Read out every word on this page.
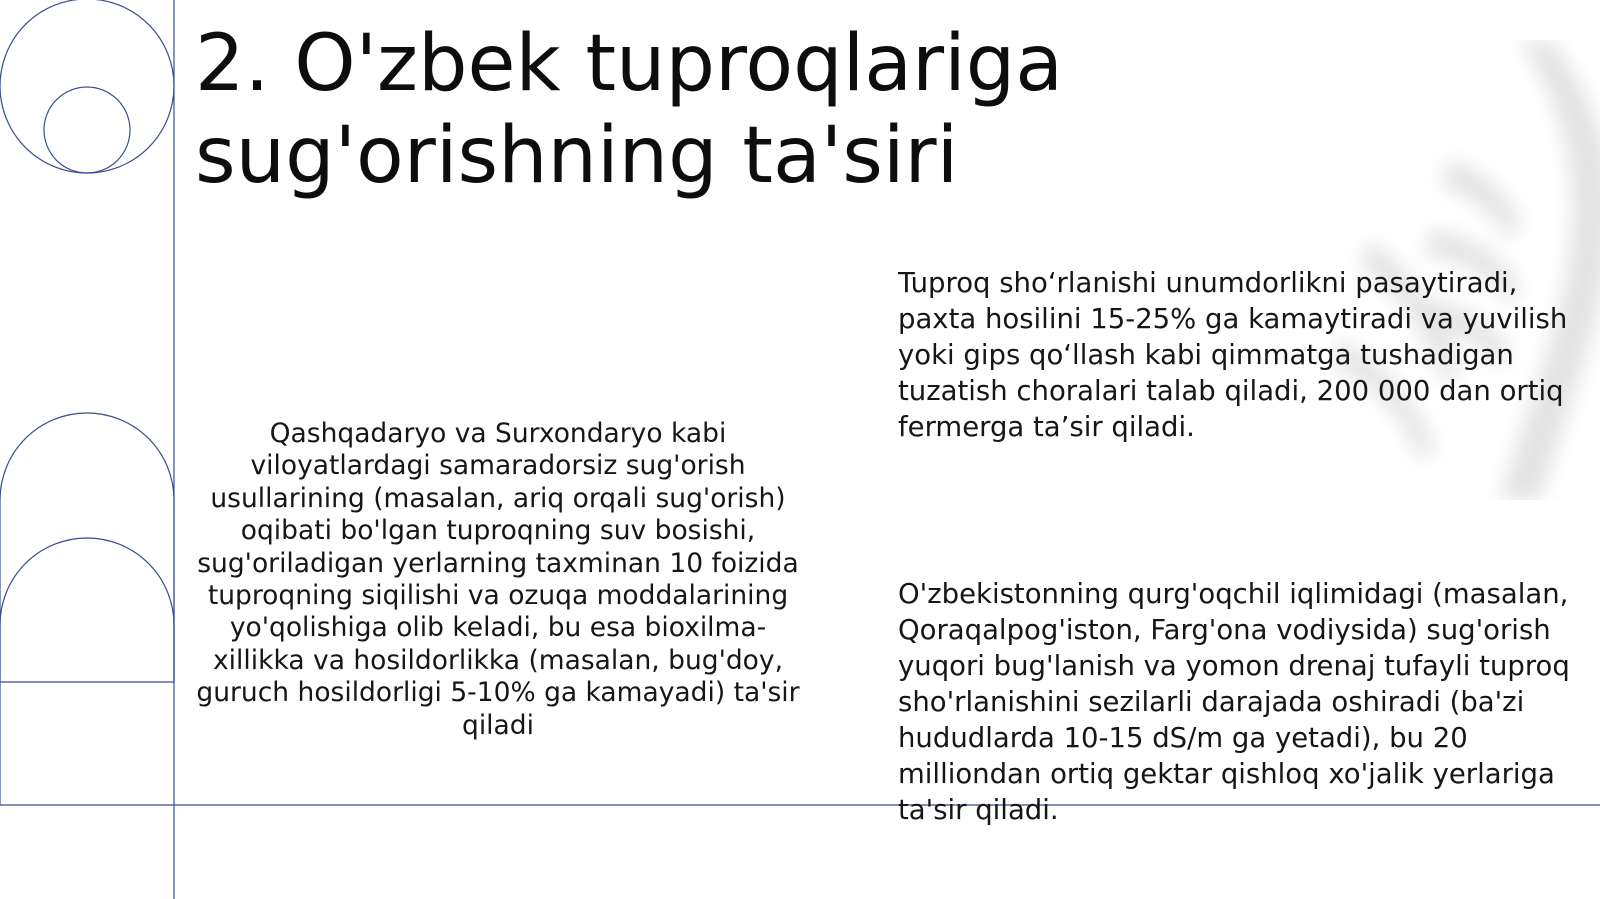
2. O'zbek tuproqlariga
sug'orishning ta'siri

Qashqadaryo va Surxondaryo kabi viloyatlardagi samaradorsiz sug'orish usullarining (masalan, ariq orqali sug'orish) oqibati bo'lgan tuproqning suv bosishi, sug'oriladigan yerlarning taxminan 10 foizida tuproqning siqilishi va ozuqa moddalarining yo'qolishiga olib keladi, bu esa bioxilma-xillikka va hosildorlikka (masalan, bug'doy, guruch hosildorligi 5-10% ga kamayadi) ta'sir qiladi

Tuproq sho‘rlanishi unumdorlikni pasaytiradi, paxta hosilini 15-25% ga kamaytiradi va yuvilish yoki gips qo‘llash kabi qimmatga tushadigan tuzatish choralari talab qiladi, 200 000 dan ortiq fermerga ta’sir qiladi.

O'zbekistonning qurg'oqchil iqlimidagi (masalan, Qoraqalpog'iston, Farg'ona vodiysida) sug'orish yuqori bug'lanish va yomon drenaj tufayli tuproq sho'rlanishini sezilarli darajada oshiradi (ba'zi hududlarda 10-15 dS/m ga yetadi), bu 20 milliondan ortiq gektar qishloq xo'jalik yerlariga ta'sir qiladi.
